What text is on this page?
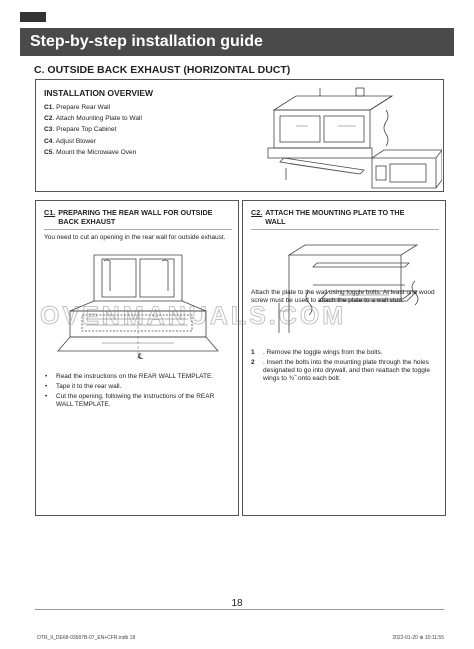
Step-by-step installation guide
C. OUTSIDE BACK EXHAUST (HORIZONTAL DUCT)
INSTALLATION OVERVIEW
C1. Prepare Rear Wall
C2. Attach Mounting Plate to Wall
C3. Prepare Top Cabinet
C4. Adjust Blower
C5. Mount the Microwave Oven
C1. PREPARING THE REAR WALL FOR OUTSIDE BACK EXHAUST
You need to cut an opening in the rear wall for outside exhaust.
℄
• Read the instructions on the REAR WALL TEMPLATE.
• Tape it to the rear wall.
• Cut the opening, following the instructions of the REAR WALL TEMPLATE.
C2. ATTACH THE MOUNTING PLATE TO THE WALL
Attach the plate to the wall using toggle bolts. At least one wood screw must be used to attach the plate to a wall stud.
1 . Remove the toggle wings from the bolts.
2 . Insert the bolts into the mounting plate through the holes designated to go into drywall, and then reattach the toggle wings to ¾˝ onto each bolt.
OVENMANUALS.COM
18
OTR_II_DE68-03587B-07_EN+CFR.indb 18	2022-01-20 ⊕ 10:11:55
